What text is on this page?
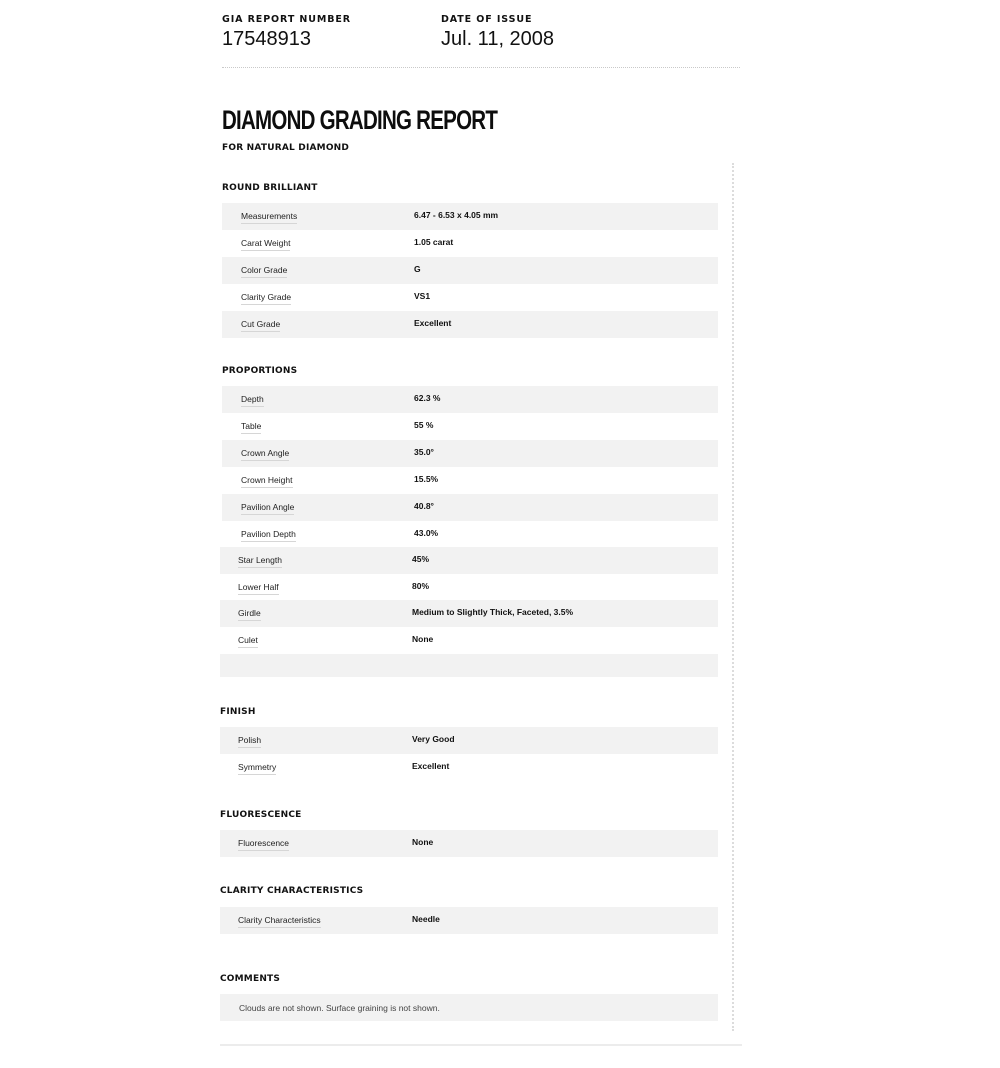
GIA REPORT NUMBER
17548913
DATE OF ISSUE
Jul. 11, 2008
DIAMOND GRADING REPORT
FOR NATURAL DIAMOND
ROUND BRILLIANT
Measurements	6.47 - 6.53 x 4.05 mm
Carat Weight	1.05 carat
Color Grade	G
Clarity Grade	VS1
Cut Grade	Excellent
PROPORTIONS
Depth	62.3 %
Table	55 %
Crown Angle	35.0°
Crown Height	15.5%
Pavilion Angle	40.8°
Pavilion Depth	43.0%
Star Length	45%
Lower Half	80%
Girdle	Medium to Slightly Thick, Faceted, 3.5%
Culet	None
FINISH
Polish	Very Good
Symmetry	Excellent
FLUORESCENCE
Fluorescence	None
CLARITY CHARACTERISTICS
Clarity Characteristics	Needle
COMMENTS
Clouds are not shown. Surface graining is not shown.
